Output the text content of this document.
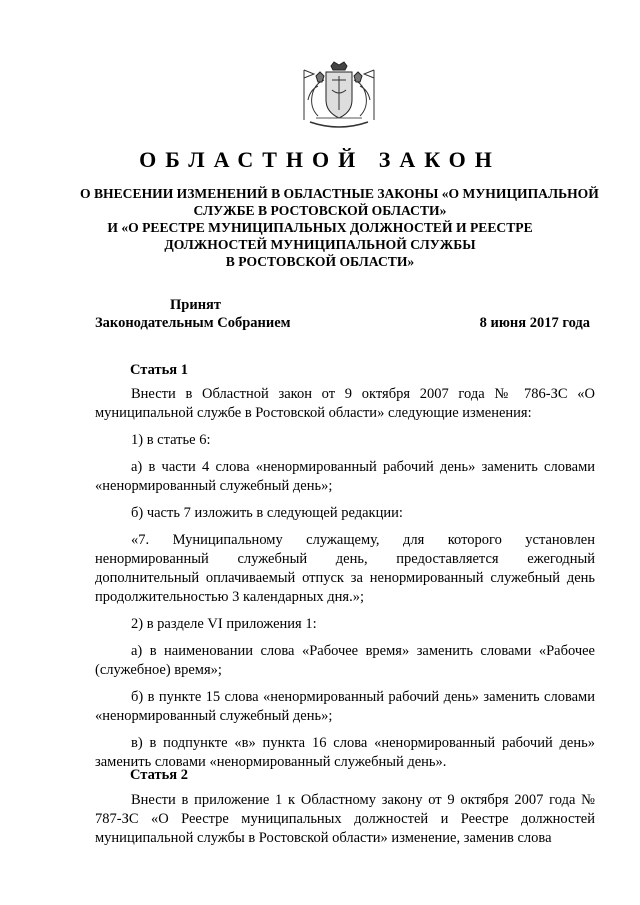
ОБЛАСТНОЙ ЗАКОН
О ВНЕСЕНИИ ИЗМЕНЕНИЙ В ОБЛАСТНЫЕ ЗАКОНЫ «О МУНИЦИПАЛЬНОЙ
СЛУЖБЕ В РОСТОВСКОЙ ОБЛАСТИ»
И «О РЕЕСТРЕ МУНИЦИПАЛЬНЫХ ДОЛЖНОСТЕЙ И РЕЕСТРЕ
ДОЛЖНОСТЕЙ МУНИЦИПАЛЬНОЙ СЛУЖБЫ
В РОСТОВСКОЙ ОБЛАСТИ»
Принят
Законодательным Собранием	8 июня 2017 года
Статья 1

Внести в Областной закон от 9 октября 2007 года № 786-ЗС «О муниципальной службе в Ростовской области» следующие изменения:

1) в статье 6:

а) в части 4 слова «ненормированный рабочий день» заменить словами «ненормированный служебный день»;

б) часть 7 изложить в следующей редакции:

«7. Муниципальному служащему, для которого установлен ненормированный служебный день, предоставляется ежегодный дополнительный оплачиваемый отпуск за ненормированный служебный день продолжительностью 3 календарных дня.»;

2) в разделе VI приложения 1:

а) в наименовании слова «Рабочее время» заменить словами «Рабочее (служебное) время»;

б) в пункте 15 слова «ненормированный рабочий день» заменить словами «ненормированный служебный день»;

в) в подпункте «в» пункта 16 слова «ненормированный рабочий день» заменить словами «ненормированный служебный день».

Статья 2

Внести в приложение 1 к Областному закону от 9 октября 2007 года № 787-ЗС «О Реестре муниципальных должностей и Реестре должностей муниципальной службы в Ростовской области» изменение, заменив слова
